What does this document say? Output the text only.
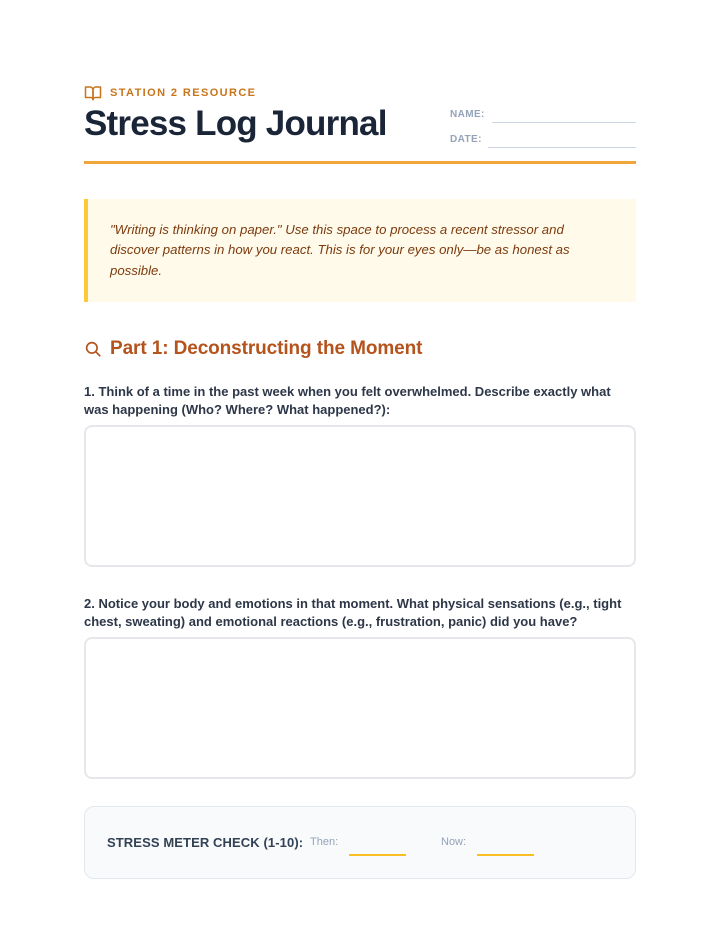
STATION 2 RESOURCE
Stress Log Journal	NAME:
DATE:

"Writing is thinking on paper." Use this space to process a recent stressor and discover patterns in how you react. This is for your eyes only—be as honest as possible.

Part 1: Deconstructing the Moment

1. Think of a time in the past week when you felt overwhelmed. Describe exactly what was happening (Who? Where? What happened?):

2. Notice your body and emotions in that moment. What physical sensations (e.g., tight chest, sweating) and emotional reactions (e.g., frustration, panic) did you have?

STRESS METER CHECK (1-10): Then:	Now:
